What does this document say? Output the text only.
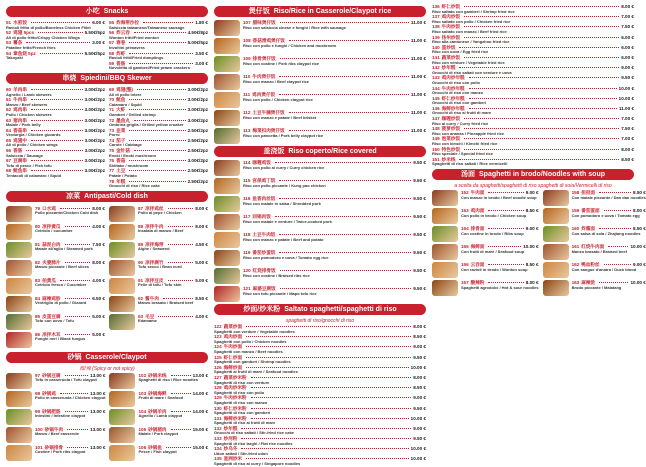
小吃 Snacks
51 水煎饺	6.00 €
Ravioli fritto di pollo/Boneless Chicken Fillet
52 鸡翅 5pcs	5.50€/5pz
Ali di pollo fritto/Crispy Chicken Wings
53 薯条	3.00 €
Patatine fritte/French fries
54 章鱼烧 5pz	5.50€/5pz
Takoyaki
55 炸海带沙拉	1.80 €
Salsiccia taiwanese/Taiwanese sausage
56 炸云吞	4.50€/8pz
Wonton fritti/Fried wonton
57 春卷	5.00€/5pz
Involtini primavera
58 炸虾	3.50 €
Ravioli fritti/Fried dumplings
59 香肠	3.00 €
Nuvoletta di gamberi/Fried prawn crackers
串烧 Spiedini/BBQ Skewer
60 羊肉串	3.00€/2pz
Agnello / Lamb skewers
61 牛肉串	3.00€/2pz
Manzo / Beef skewers
62 鸡肉串	3.00€/2pz
Pollo / Chicken skewers
63 猪肉串	3.00€/2pz
Maiale / Pork belly
64 香菇串	3.00€/2pz
Verdurgia / Chicken gizzards
65 鸡翅中	3.00€/2pz
Ali di pollo / Chicken wings
66 香肠	3.00€/2pz
Salsiccia / Sausage
67 豆腐串	3.00€/2pz
Tofu di pesce / Fish tofu
68 鱿鱼串	3.00€/2pz
Tentacoli di calamaro / Squid
69 鸡翅(整)	3.00€/2pz
Ali di pollo intere
70 鱿鱼	3.00€/2pz
Calamaro / Squid
71 大虾	3.00€/2pz
Gamberi / Grilled shrimp
72 墨鱼丸	3.00€/2pz
Ombrina griglia / Grilled yellow croaker
73 韭菜	2.50€/2pz
Porro
74 茄子	2.50€/2pz
Carote / Cabbage
75 金针菇	2.50€/2pz
Enoki / Enoki mushroom
76 香菇	3.00€/2pz
Shiitake / mushroom
77 土豆	2.50€/2pz
Patate / Potato
78 年糕	2.50€/2pz
Gnocchi di riso / Rice cake
凉菜 Antipasti/Cold dish
79 口水鸡	8.00 €
Pollo piccante/Chicken Cold dish
80 凉拌黄瓜	4.00 €
Cetriolo / cucumber
81 蒜泥白肉	7.50 €
Maiale all'aglio / Steamed pork
82 夫妻肺片	8.00 €
Manzo piccante / Beef slices
83 拍黄瓜	4.00 €
Cetriolo fresco / Cucumber
84 麻辣鸡胗	6.50 €
Ventriglio di pollo / Gizzard
85 皮蛋豆腐	5.00 €
Tofu con uovo / Tofu
86 凉拌木耳	5.00 €
Funghi neri / Black fungus
87 凉拌鸡丝	8.00 €
Pollo al pepe / Chicken
88 凉拌牛肉	8.00 €
Insalata di manzo / Beef
89 凉拌海带	4.50 €
Alghe / Seaweed
90 凉拌腐竹	5.00 €
Tofu secco / Bean curd
91 凉拌豆皮	5.00 €
Pelle di tofu / Tofu skin
92 酱牛肉	8.50 €
Manzo brasato / Braised beef
93 毛豆	4.00 €
Edamame
砂锅 Casserole/Claypot
微/辣 (Spicy or not spicy)
97 砂锅豆腐	13.00 €
Tofu in casseruola / Tofu claypot
98 砂锅鸡	13.00 €
Pollo in casseruola / Chicken claypot
99 砂锅肥肠	13.00 €
Intestini / Intestine claypot
100 砂锅牛肉	13.00 €
Manzo / Beef casserole
101 砂锅排骨	13.00 €
Costine / Pork ribs claypot
102 砂锅米线	13.00 €
Spaghetti di riso / Rice noodles
103 砂锅海鲜	14.00 €
Frutti di mare / Seafood
104 砂锅羊肉	14.00 €
Agnello / Lamb claypot
105 砂锅猪肉	15.00 €
Maiale / Pork claypot
106 砂锅鱼	15.00 €
Pesce / Fish claypot
煲仔饭 Riso/Rice in Casserole/Claypot rice
107 腊味煲仔饭	11.00 €
Riso con salsiccia cinese e funghi / Rice with sausage
108 香菇滑鸡煲仔饭	11.00 €
Riso con pollo e funghi / Chicken and mushroom
109 排骨煲仔饭	11.00 €
Riso con costine / Pork ribs claypot rice
110 牛肉煲仔饭	11.00 €
Riso con manzo / Beef claypot rice
111 鸡肉煲仔饭	11.00 €
Riso con pollo / Chicken claypot rice
112 土豆牛腩煲仔饭	11.00 €
Riso con manzo e patate / Beef brisket
113 梅菜扣肉煲仔饭	11.00 €
Riso con pancetta / Pork belly claypot rice
盖浇饭 Riso coperto/Rice covered
114 咖喱鸡饭	9.50 €
Riso con pollo al curry / Curry chicken rice
115 宫保鸡丁饭	9.50 €
Riso con pollo piccante / Kung pao chicken
116 鱼香肉丝饭	9.50 €
Riso con maiale in salsa / Shredded pork
117 回锅肉饭	9.50 €
Riso con maiale e verdure / Twice-cooked pork
118 土豆牛肉饭	9.50 €
Riso con manzo e patate / Beef and potato
119 番茄炒蛋饭	9.50 €
Riso con pomodoro e uova / Tomato egg rice
120 红烧排骨饭	9.50 €
Riso con costine / Braised ribs rice
121 麻婆豆腐饭	9.50 €
Riso con tofu piccante / Mapo tofu rice
炒面/炒米粉 Saltato spaghetti/spaghetti di riso
spaghetti di riso/gnocchi di riso
122 蔬菜炒面	8.00 €
Spaghetti con verdure / Vegetable noodles
123 鸡肉炒面	8.50 €
Spaghetti con pollo / Chicken noodles
124 牛肉炒面	9.00 €
Spaghetti con manzo / Beef noodles
125 虾仁炒面	9.50 €
Spaghetti con gamberi / Shrimp noodles
126 海鲜炒面	10.00 €
Spaghetti ai frutti di mare / Seafood noodles
127 蔬菜炒米粉	8.00 €
Spaghetti di riso con verdure
128 鸡肉炒米粉	8.50 €
Spaghetti di riso con pollo
129 牛肉炒米粉	9.00 €
Spaghetti di riso con manzo
130 虾仁炒米粉	9.50 €
Spaghetti di riso con gamberi
131 海鲜炒米粉	10.00 €
Spaghetti di riso ai frutti di mare
132 炒年糕	9.00 €
Gnocchi di riso saltati / Stir-fried rice cake
133 炒河粉	9.50 €
Spaghetti di riso larghi / Flat rice noodles
134 炒乌冬	10.00 €
Udon saltati / Stir-fried udon
135 星洲炒米	10.00 €
Spaghetti di riso al curry / Singapore noodles
136 虾仁炒饭	8.00 €
Riso saltato con gamberi / Shrimp fried rice
137 鸡肉炒饭	7.00 €
Riso saltato con pollo / Chicken fried rice
138 牛肉炒饭	7.50 €
Riso saltato con manzo / Beef fried rice
139 扬州炒饭	6.00 €
Riso alla cantonese / Yangzhou fried rice
140 蛋炒饭	6.00 €
Riso con uova / Egg fried rice
141 蔬菜炒饭	6.00 €
Riso con verdure / Vegetable fried rice
142 炒年糕	9.00 €
Gnocchi di riso saltati con verdure e uova
143 鸡肉炒年糕	9.50 €
Gnocchi di riso con pollo
144 牛肉炒年糕	10.00 €
Gnocchi di riso con manzo
145 虾仁炒年糕	10.00 €
Gnocchi di riso con gamberi
146 海鲜炒年糕	11.00 €
Gnocchi di riso ai frutti di mare
147 咖喱炒饭	7.00 €
Riso al curry / Curry fried rice
148 菠萝炒饭	7.50 €
Riso con ananas / Pineapple fried rice
149 泡菜炒饭	7.00 €
Riso con kimchi / Kimchi fried rice
150 特色炒饭	8.00 €
Riso speciale / Special fried rice
151 炒米线	8.50 €
Spaghetti di riso saltati / Rice vermicelli
汤面 Spaghetti in brodo/Noodles with soup
a scelta da spaghetti/spaghetti di riso spaghetti di soia/Vermicelli di riso
152 牛肉面	9.00 €
Con manzo in brodo / Beef noodle soup
153 鸡肉面	8.50 €
Con pollo in brodo / Chicken soup
154 排骨面	9.00 €
Con costine in brodo / Ribs soup
155 海鲜面	10.00 €
Con frutti di mare / Seafood soup
156 云吞面	8.50 €
Con ravioli in brodo / Wonton soup
157 酸辣粉	8.00 €
Spaghetti agrodolci / Hot & sour noodles
158 担担面	8.50 €
Con maiale piccante / Dan dan noodles
159 番茄蛋面	8.00 €
Con pomodoro e uova / Tomato egg
160 炸酱面	8.50 €
Con salsa di soia / Zhajiang noodles
161 红烧牛肉面	10.00 €
Manzo brasato / Braised beef
162 鸭血粉丝	9.00 €
Con sangue d'anatra / Duck blood
163 麻辣烫	10.00 €
Brodo piccante / Malatang
